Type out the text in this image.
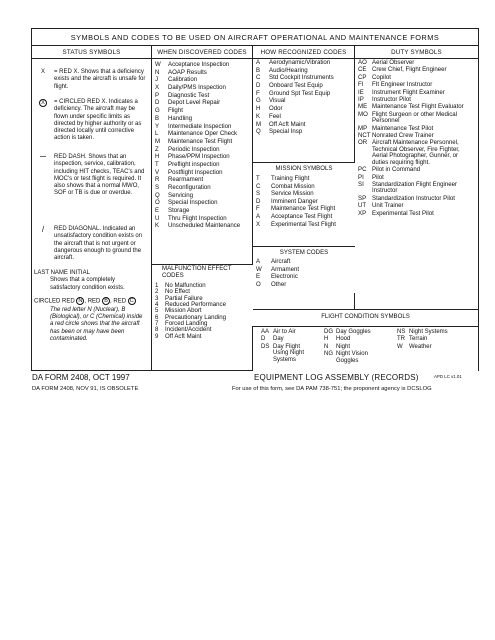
SYMBOLS AND CODES TO BE USED ON AIRCRAFT OPERATIONAL AND MAINTENANCE FORMS
STATUS SYMBOLS
X	= RED X. Shows that a deficiency exists and the aircraft is unsafe for flight.
X	= CIRCLED RED X. Indicates a deficiency. The aircraft may be flown under specific limits as directed by higher authority or as directed locally until corrective action is taken.
—	RED DASH. Shows that an inspection, service, calibration, including HIT checks, TEAC's and MOC's or test flight is required. It also shows that a normal MWO, SOF or TB is due or overdue.
/	RED DIAGONAL. Indicated an unsatisfactory condition exists on the aircraft that is not urgent or dangerous enough to ground the aircraft.
LAST NAME INITIAL
Shows that a completely satisfactory condition exists.
CIRCLED RED N , RED B , RED C
The red letter N (Nuclear), B (Biological), or C (Chemical) inside a red circle shows that the aircraft has been or may have been contaminated.
WHEN DISCOVERED CODES
W	Acceptance Inspection
N	AOAP Results
J	Calibration
X	Daily/PMS Inspection
P	Diagnostic Test
D	Depot Level Repair
G	Flight
B	Handling
Y	Intermediate Inspection
L	Maintenance Oper Check
M	Maintenance Test Flight
Z	Periodic Inspection
H	Phase/PPM Inspection
T	Preflight inspection
V	Postflight Inspection
R	Rearmament
S	Reconfiguration
Q	Servicing
O	Special Inspection
E	Storage
U	Thru Flight Inspection
K	Unscheduled Maintenance
HOW RECOGNIZED CODES
A	Aerodynamic/Vibration
B	Audio/Hearing
C	Std Cockpit Instruments
D	Onboard Test Equip
F	Ground Spt Test Equip
G	Visual
H	Odor
K	Feel
M	Off Acft Maint
Q	Special Insp
DUTY SYMBOLS
AO Aerial Observer
CE Crew Chief, Flight Engineer
CP Copilot
FI	FIt Engineer Instructor
IE	Instrument Flight Examiner
IP	Instructor Pilot
ME Maintenance Test Flight Evaluator
MO Flight Surgeon or other Medical Personnel
MP Maintenance Test Pilot
NCT Nonrated Crew Trainer
OR Aircraft Maintenance Personnel, Technical Observer, Fire Fighter, Aerial Photographer, Gunner, or duties requiring flight.
PC Pilot in Command
PI	Pilot
SI	Standardization Flight Engineer Instructor
SP Standardization Instructor Pilot
UT Unit Trainer
XP Experimental Test Pilot
MISSION SYMBOLS
T	Training Flight
C	Combat Mission
S	Service Mission
D	Imminent Danger
F	Maintenance Test Flight
A	Acceptance Test Flight
X	Experimental Test Flight
SYSTEM CODES
A	Aircraft
W	Armament
E	Electronic
O	Other
MALFUNCTION EFFECT
CODES
1	No Malfunction
2	No Effect
3	Partial Failure
4	Reduced Performance
5	Mission Abort
6	Precautionary Landing
7	Forced Landing
8	Incident/Accident
9	Off Acft Maint
FLIGHT CONDITION SYMBOLS
AA Air to Air
D	Day
DS Day Flight Using Night Systems
DG Day Goggles
H	Hood
N	Night
NG Night Vision Goggles
NS Night Systems
TR Terrain
W	Weather
DA FORM 2408, OCT 1997	EQUIPMENT LOG ASSEMBLY (RECORDS)	APD LC v1.01
DA FORM 2408, NOV 91, IS OBSOLETE	For use of this form, see DA PAM 738-751; the proponent agency is DCSLOG
